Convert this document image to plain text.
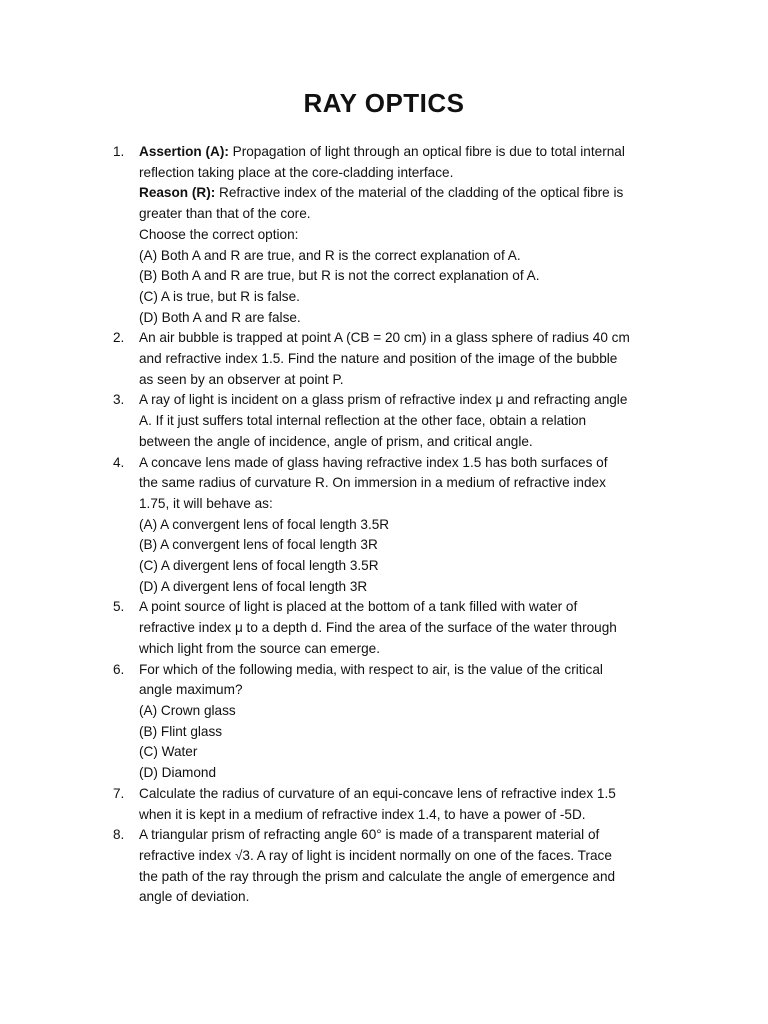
RAY OPTICS
1. Assertion (A): Propagation of light through an optical fibre is due to total internal
reflection taking place at the core-cladding interface.
Reason (R): Refractive index of the material of the cladding of the optical fibre is
greater than that of the core.
Choose the correct option:
(A) Both A and R are true, and R is the correct explanation of A.
(B) Both A and R are true, but R is not the correct explanation of A.
(C) A is true, but R is false.
(D) Both A and R are false.
2. An air bubble is trapped at point A (CB = 20 cm) in a glass sphere of radius 40 cm
and refractive index 1.5. Find the nature and position of the image of the bubble
as seen by an observer at point P.
3. A ray of light is incident on a glass prism of refractive index μ and refracting angle
A. If it just suffers total internal reflection at the other face, obtain a relation
between the angle of incidence, angle of prism, and critical angle.
4. A concave lens made of glass having refractive index 1.5 has both surfaces of
the same radius of curvature R. On immersion in a medium of refractive index
1.75, it will behave as:
(A) A convergent lens of focal length 3.5R
(B) A convergent lens of focal length 3R
(C) A divergent lens of focal length 3.5R
(D) A divergent lens of focal length 3R
5. A point source of light is placed at the bottom of a tank filled with water of
refractive index μ to a depth d. Find the area of the surface of the water through
which light from the source can emerge.
6. For which of the following media, with respect to air, is the value of the critical
angle maximum?
(A) Crown glass
(B) Flint glass
(C) Water
(D) Diamond
7. Calculate the radius of curvature of an equi-concave lens of refractive index 1.5
when it is kept in a medium of refractive index 1.4, to have a power of -5D.
8. A triangular prism of refracting angle 60° is made of a transparent material of
refractive index √3. A ray of light is incident normally on one of the faces. Trace
the path of the ray through the prism and calculate the angle of emergence and
angle of deviation.
